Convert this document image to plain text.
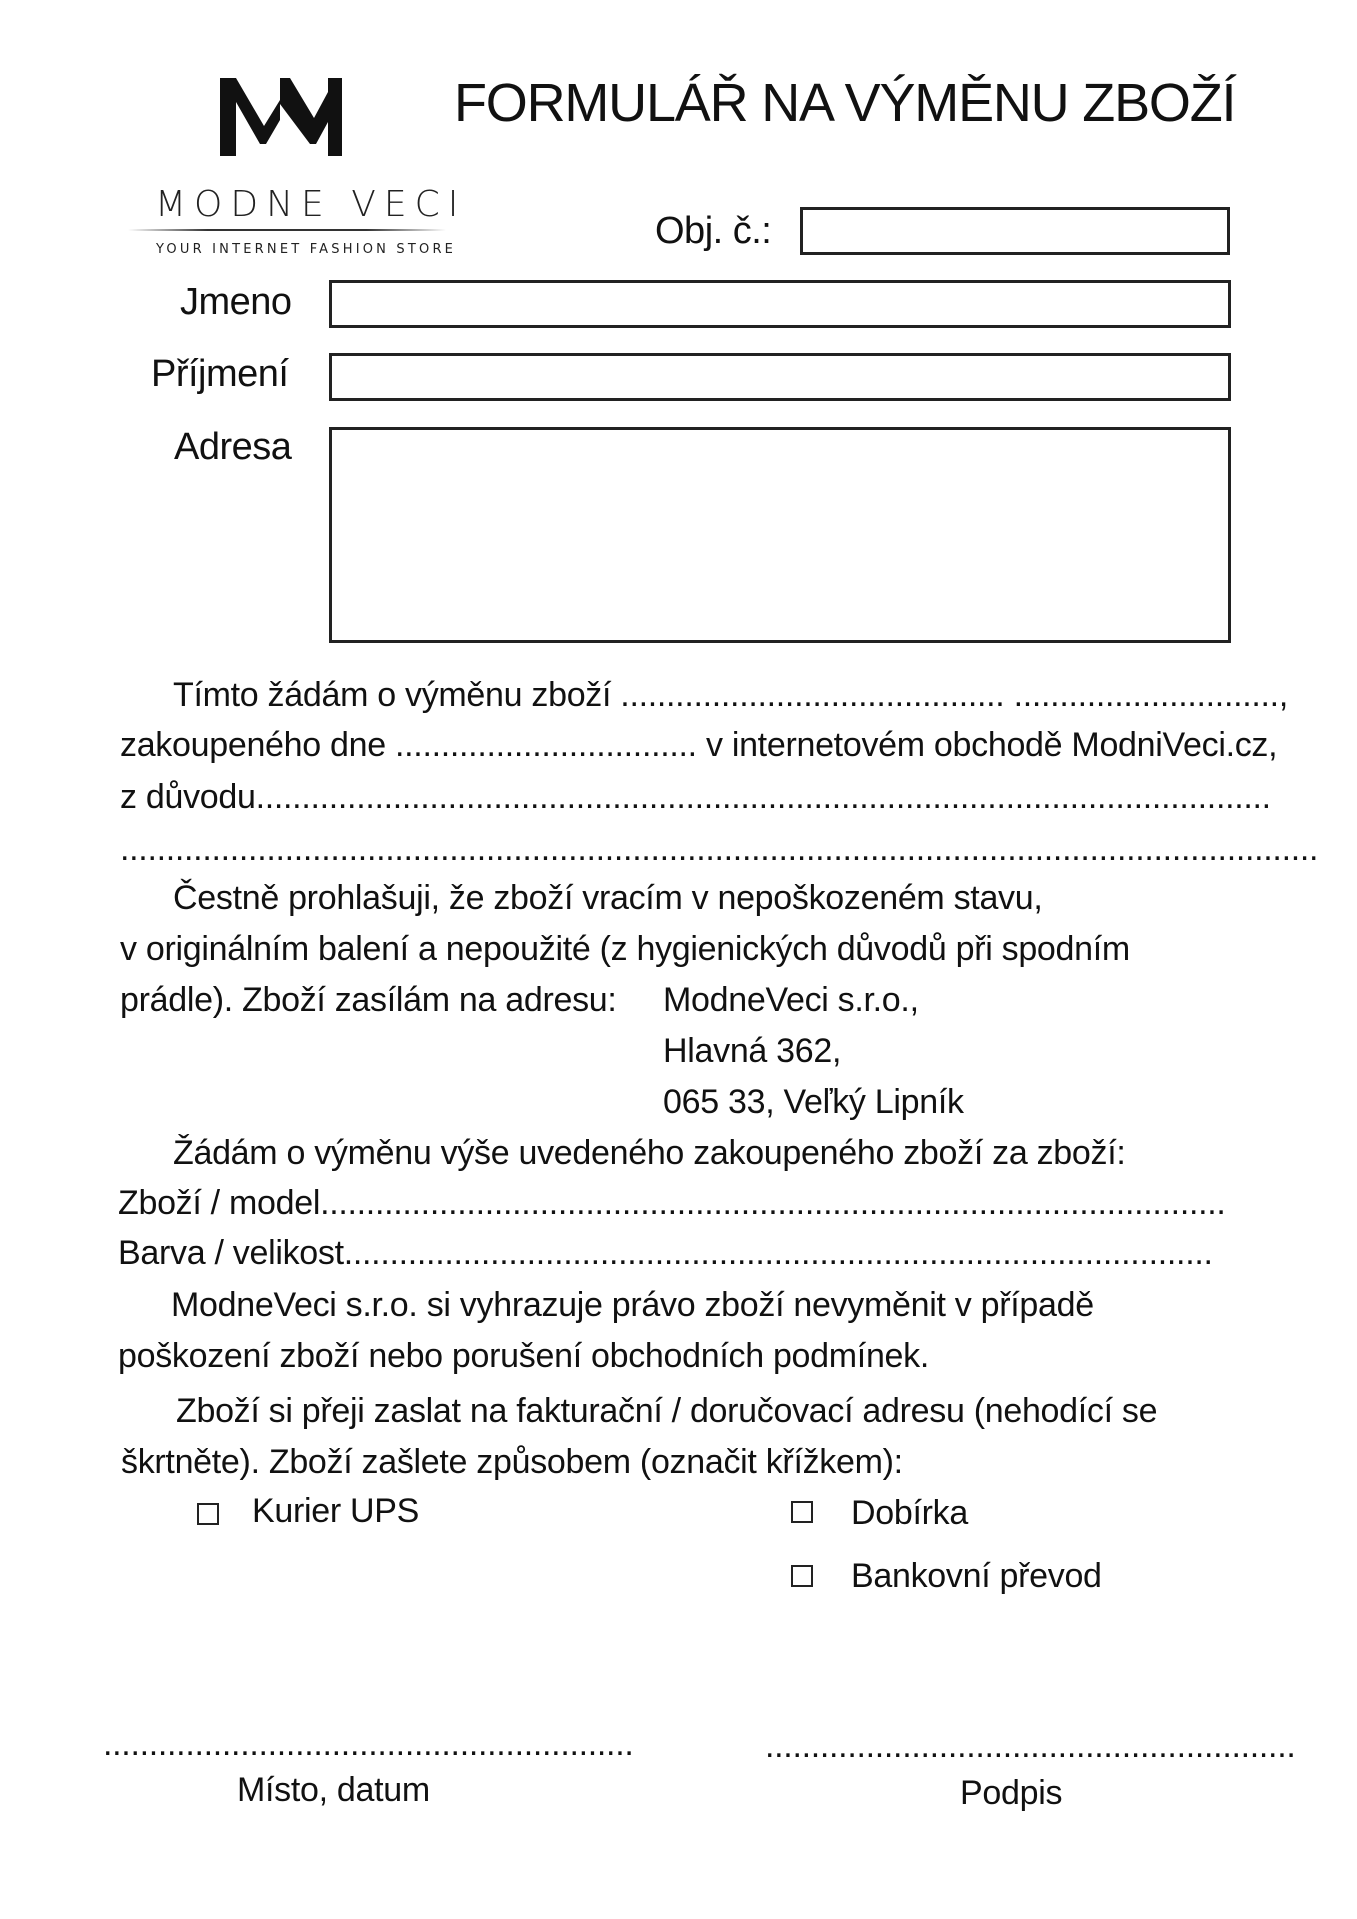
MODNE VECI
YOUR INTERNET FASHION STORE
FORMULÁŘ NA VÝMĚNU ZBOŽÍ
Obj. č.:
Jmeno
Příjmení
Adresa
Tímto žádám o výměnu zboží .......................................... .............................,
zakoupeného dne ................................. v internetovém obchodě ModniVeci.cz,
z důvodu...............................................................................................................
...................................................................................................................................
Čestně prohlašuji, že zboží vracím v nepoškozeném stavu,
v originálním balení a nepoužité (z hygienických důvodů při spodním
prádle). Zboží zasílám na adresu: ModneVeci s.r.o.,
Hlavná 362,
065 33, Veľký Lipník
Žádám o výměnu výše uvedeného zakoupeného zboží za zboží:
Zboží / model...................................................................................................
Barva / velikost...............................................................................................
ModneVeci s.r.o. si vyhrazuje právo zboží nevyměnit v případě
poškození zboží nebo porušení obchodních podmínek.
Zboží si přeji zaslat na fakturační / doručovací adresu (nehodící se
škrtněte). Zboží zašlete způsobem (označit křížkem):
Kurier UPS	Dobírka
Bankovní převod
..........................................................
Místo, datum
..........................................................
Podpis
